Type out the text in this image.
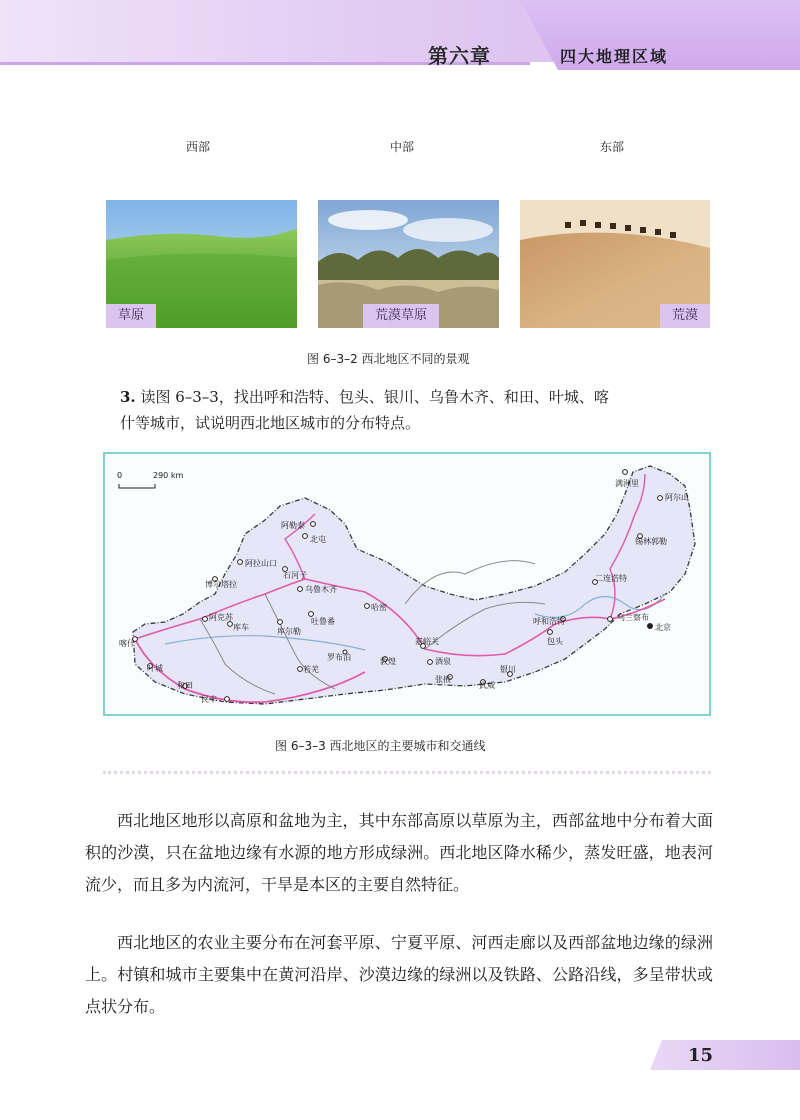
第六章	四大地理区域
西部	中部	东部
草原	荒漠草原	荒漠
图 6–3–2 西北地区不同的景观
3. 读图 6–3–3，找出呼和浩特、包头、银川、乌鲁木齐、和田、叶城、喀
什等城市，试说明西北地区城市的分布特点。
0	290 km
满洲里
阿尔山
阿勒泰
北屯	锡林郭勒
阿拉山口
石河子
博尔塔拉
乌鲁木齐
二连浩特
阿克苏
库车
吐鲁番
哈密
库尔勒
呼和浩特	乌兰察布
北京
喀什	嘉峪关	包头
罗布泊	酒泉
敦煌
银川
张掖
叶城	若羌
武威
和田
民丰
图 6–3–3 西北地区的主要城市和交通线
西北地区地形以高原和盆地为主，其中东部高原以草原为主，西部盆地中分布着大面积的沙漠，只在盆地边缘有水源的地方形成绿洲。西北地区降水稀少，蒸发旺盛，地表河流少，而且多为内流河，干旱是本区的主要自然特征。
西北地区的农业主要分布在河套平原、宁夏平原、河西走廊以及西部盆地边缘的绿洲上。村镇和城市主要集中在黄河沿岸、沙漠边缘的绿洲以及铁路、公路沿线，多呈带状或点状分布。
15
